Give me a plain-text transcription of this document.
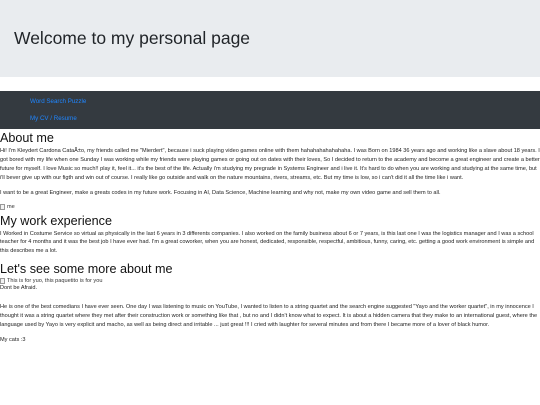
Welcome to my personal page
Word Search Puzzle
My CV / Resume
About me

Hi! I'm Kleydert Cardona CataÃ±o, my friends called me "Mierdert", because i suck playing video games online with them hahahahahahahaha. I was Born on 1984 36 years ago and working like a slave about 18 years. I got bored with my life when one Sunday I was working while my friends were playing games or going out on dates with their loves, So I decided to return to the academy and become a great engineer and create a better future for myself. I love Music so much!! play it, feel it... it's the best of the life. Actually i'm studying my pregrade in Systems Engineer and i live it. It's hard to do when you are working and studying at the same time, but i'll bever give up with our figth and win out of course. I really like go outside and walk on the nature mountains, rivers, streams, etc. But my time is low, so i can't did it all the time like i want.

I want to be a great Engineer, make a greats codes in my future work. Focusing in AI, Data Science, Machine learning and why not, make my own video game and sell them to all.

me
My work experience

I Worked in Costume Service so virtual as physically in the last 6 years in 3 differents companies. I also worked on the family business about 6 or 7 years, is this last one I was the logistics manager and I was a school teacher for 4 months and it was the best job I have ever had. I'm a great coworker, when you are honest, dedicated, responsible, respectful, ambitious, funny, caring, etc. getting a good work environment is simple and this describes me a lot.

Let's see some more about me
This is for yuo, this paquetito is for you

Dont be Afraid.

He is one of the best comedians I have ever seen. One day I was listening to music on YouTube, I wanted to listen to a string quartet and the search engine suggested "Yayo and the worker quartet", in my innocence I thought it was a string quartet where they met after their construction work or something like that , but no and I didn't know what to expect. It is about a hidden camera that they make to an international guest, where the language used by Yayo is very explicit and macho, as well as being direct and irritable ... just great !!! I cried with laughter for several minutes and from there I became more of a lover of black humor.

My cats :3
